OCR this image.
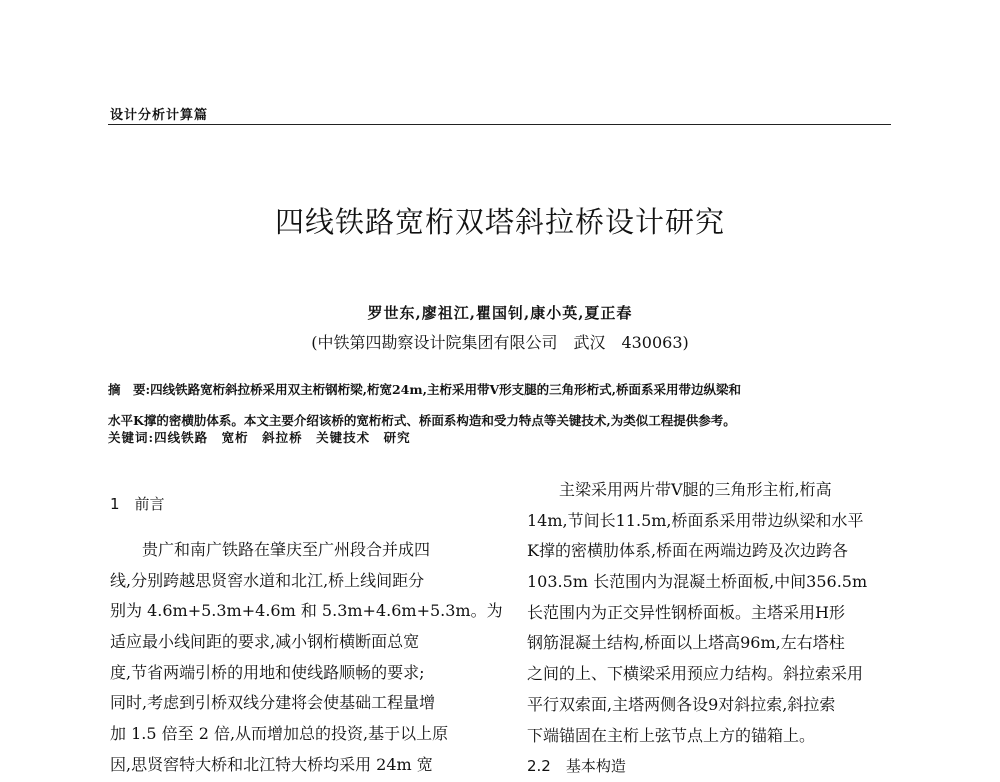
设计分析计算篇
四线铁路宽桁双塔斜拉桥设计研究
罗世东,廖祖江,瞿国钊,康小英,夏正春
(中铁第四勘察设计院集团有限公司　武汉　430063)
摘　要:四线铁路宽桁斜拉桥采用双主桁钢桁梁,桁宽24m,主桁采用带V形支腿的三角形桁式,桥面系采用带边纵梁和
水平K撑的密横肋体系。本文主要介绍该桥的宽桁桁式、桥面系构造和受力特点等关键技术,为类似工程提供参考。
关键词:四线铁路　宽桁　斜拉桥　关键技术　研究
1　前言
　　贵广和南广铁路在肇庆至广州段合并成四
线,分别跨越思贤窖水道和北江,桥上线间距分
别为 4.6m+5.3m+4.6m 和 5.3m+4.6m+5.3m。为
适应最小线间距的要求,减小钢桁横断面总宽
度,节省两端引桥的用地和使线路顺畅的要求;
同时,考虑到引桥双线分建将会使基础工程量增
加 1.5 倍至 2 倍,从而增加总的投资,基于以上原
因,思贤窖特大桥和北江特大桥均采用 24m 宽
　　主梁采用两片带V腿的三角形主桁,桁高
14m,节间长11.5m,桥面系采用带边纵梁和水平
K撑的密横肋体系,桥面在两端边跨及次边跨各
103.5m 长范围内为混凝土桥面板,中间356.5m
长范围内为正交异性钢桥面板。主塔采用H形
钢筋混凝土结构,桥面以上塔高96m,左右塔柱
之间的上、下横梁采用预应力结构。斜拉索采用
平行双索面,主塔两侧各设9对斜拉索,斜拉索
下端锚固在主桁上弦节点上方的锚箱上。
2.2　基本构造
